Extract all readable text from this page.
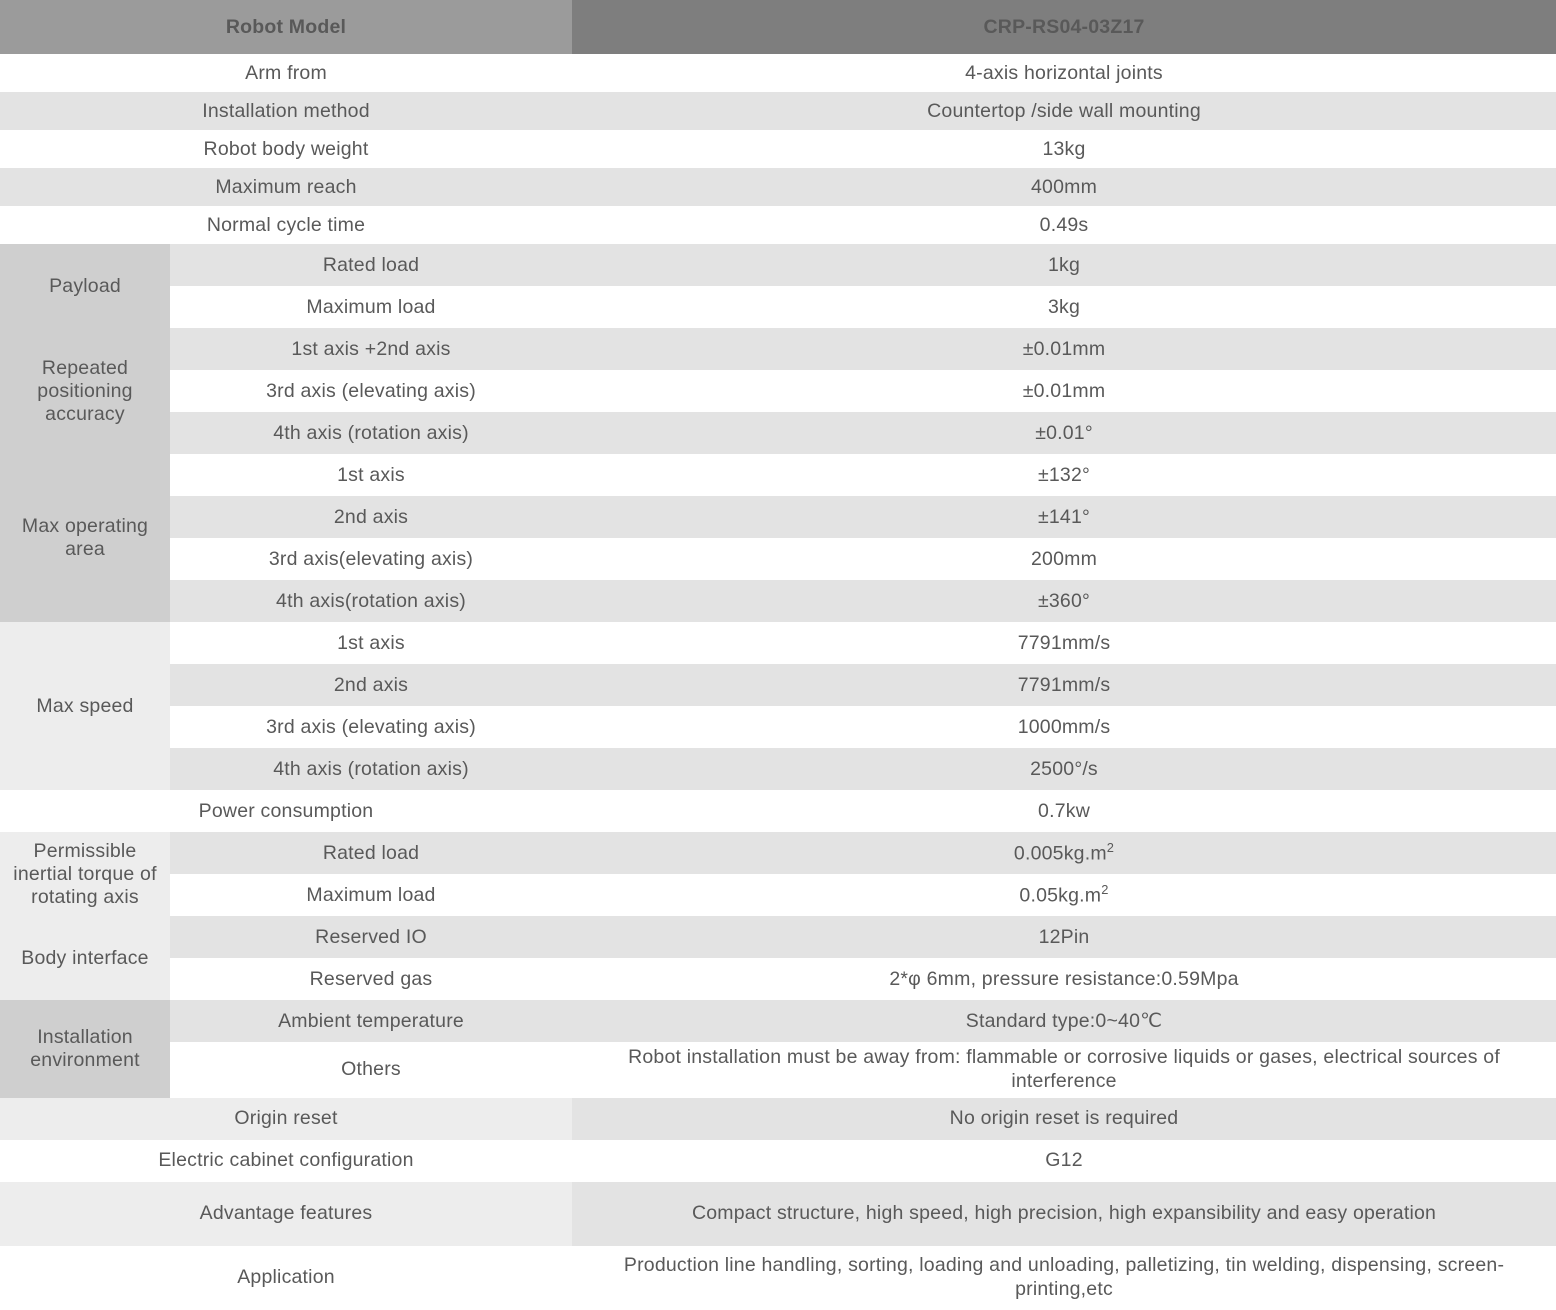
Robot Model		CRP-RS04-03Z17
Arm from		4-axis horizontal joints
Installation method		Countertop /side wall mounting
Robot body weight		13kg
Maximum reach		400mm
Normal cycle time		0.49s

Payload	Rated load	1kg
	Maximum load	3kg

Repeated positioning accuracy	1st axis +2nd axis	±0.01mm
	3rd axis (elevating axis)	±0.01mm
	4th axis (rotation axis)	±0.01°

Max operating area	1st axis	±132°
	2nd axis	±141°
	3rd axis(elevating axis)	200mm
	4th axis(rotation axis)	±360°

Max speed	1st axis	7791mm/s
	2nd axis	7791mm/s
	3rd axis (elevating axis)	1000mm/s
	4th axis (rotation axis)	2500°/s
Power consumption		0.7kw

Permissible inertial torque of rotating axis	Rated load	$0.005kg.m^2$
	Maximum load	$0.05kg.m^2$

Body interface	Reserved IO	12Pin
	Reserved gas	2*φ 6mm, pressure resistance:0.59Mpa

Installation environment	Ambient temperature	Standard type:0~40℃
	Others	Robot installation must be away from: flammable or corrosive liquids or gases, electrical sources of interference

Origin reset		No origin reset is required
Electric cabinet configuration		G12
Advantage features		Compact structure, high speed, high precision, high expansibility and easy operation

Application		Production line handling, sorting, loading and unloading, palletizing, tin welding, dispensing, screen-printing,etc
